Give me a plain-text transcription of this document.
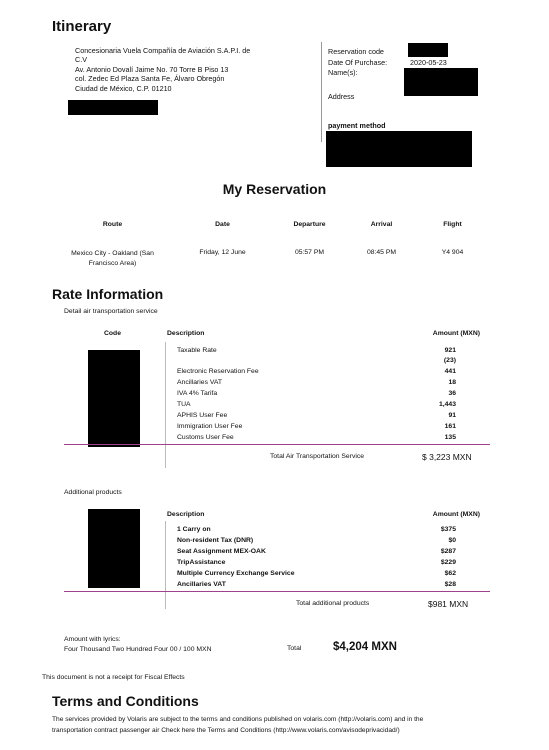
Itinerary
Concesionaria Vuela Compañía de Aviación S.A.P.I. de
C.V
Av. Antonio Dovalí Jaime No. 70 Torre B Piso 13
col. Zedec Ed Plaza Santa Fe, Álvaro Obregón
Ciudad de México, C.P. 01210
Reservation code
Date Of Purchase:	2020-05-23
Name(s):
Address
payment method
My Reservation
Route	Date	Departure	Arrival	Flight
Mexico City - Oakland (San
Francisco Area)
Friday, 12 June	05:57 PM	08:45 PM	Y4 904
Rate Information
Detail air transportation service
Code	Description	Amount (MXN)
Taxable Rate	921
(23)
Electronic Reservation Fee	441
Ancillaries VAT	18
IVA 4% Tarifa	36
TUA	1,443
APHIS User Fee	91
Immigration User Fee	161
Customs User Fee	135
Total Air Transportation Service	$ 3,223 MXN
Additional products
Description	Amount (MXN)
1 Carry on	$375
Non-resident Tax (DNR)	$0
Seat Assignment MEX-OAK	$287
TripAssistance	$229
Multiple Currency Exchange Service	$62
Ancillaries VAT	$28
Total additional products	$981 MXN
Amount with lyrics:
Four Thousand Two Hundred Four 00 / 100 MXN	Total	$4,204 MXN
This document is not a receipt for Fiscal Effects
Terms and Conditions
The services provided by Volaris are subject to the terms and conditions published on volaris.com (http://volaris.com) and in the
transportation contract passenger air Check here the Terms and Conditions (http://www.volaris.com/avisodeprivacidad/)
